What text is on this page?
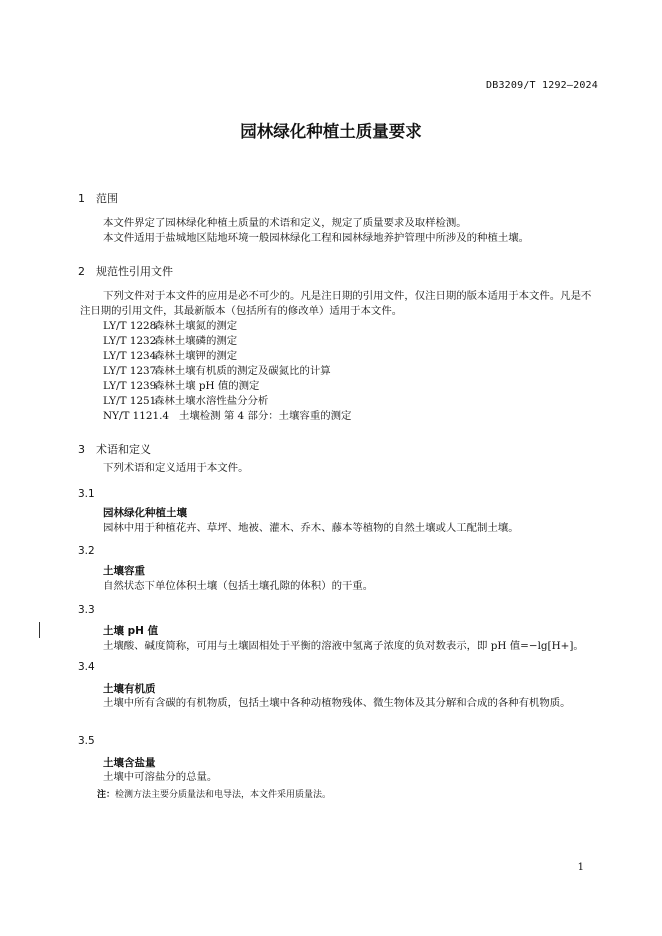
DB3209/T 1292—2024
园林绿化种植土质量要求
1 范围
本文件界定了园林绿化种植土质量的术语和定义，规定了质量要求及取样检测。
本文件适用于盐城地区陆地环境一般园林绿化工程和园林绿地养护管理中所涉及的种植土壤。
2 规范性引用文件
下列文件对于本文件的应用是必不可少的。凡是注日期的引用文件，仅注日期的版本适用于本文件。凡是不注日期的引用文件，其最新版本（包括所有的修改单）适用于本文件。
LY/T 1228森林土壤氮的测定
LY/T 1232森林土壤磷的测定
LY/T 1234森林土壤钾的测定
LY/T 1237森林土壤有机质的测定及碳氮比的计算
LY/T 1239森林土壤 pH 值的测定
LY/T 1251森林土壤水溶性盐分分析
NY/T 1121.4 土壤检测 第 4 部分：土壤容重的测定
3 术语和定义
下列术语和定义适用于本文件。
3.1
园林绿化种植土壤
园林中用于种植花卉、草坪、地被、灌木、乔木、藤本等植物的自然土壤或人工配制土壤。
3.2
土壤容重
自然状态下单位体积土壤（包括土壤孔隙的体积）的干重。
3.3
土壤 pH 值
土壤酸、碱度简称，可用与土壤固相处于平衡的溶液中氢离子浓度的负对数表示，即 pH 值=−lg[H+]。
3.4
土壤有机质
土壤中所有含碳的有机物质，包括土壤中各种动植物残体、微生物体及其分解和合成的各种有机物质。
3.5
土壤含盐量
土壤中可溶盐分的总量。
注：检测方法主要分质量法和电导法，本文件采用质量法。
1
